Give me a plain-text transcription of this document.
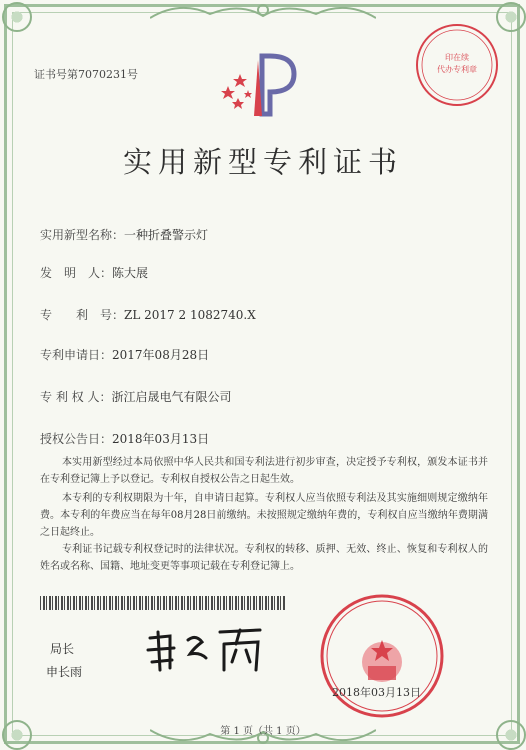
证书号第7070231号
印在续
代办专利章
实用新型专利证书
实用新型名称：一种折叠警示灯
发　明　人：陈大展
专　　利　号：ZL 2017 2 1082740.X
专利申请日：2017年08月28日
专 利 权 人：浙江启晟电气有限公司
授权公告日：2018年03月13日

本实用新型经过本局依照中华人民共和国专利法进行初步审查，决定授予专利权，颁发本证书并在专利登记簿上予以登记。专利权自授权公告之日起生效。

本专利的专利权期限为十年，自申请日起算。专利权人应当依照专利法及其实施细则规定缴纳年费。本专利的年费应当在每年08月28日前缴纳。未按照规定缴纳年费的，专利权自应当缴纳年费期满之日起终止。

专利证书记载专利权登记时的法律状况。专利权的转移、质押、无效、终止、恢复和专利权人的姓名或名称、国籍、地址变更等事项记载在专利登记簿上。

局长
申长雨
2018年03月13日
第 1 页（共 1 页）
